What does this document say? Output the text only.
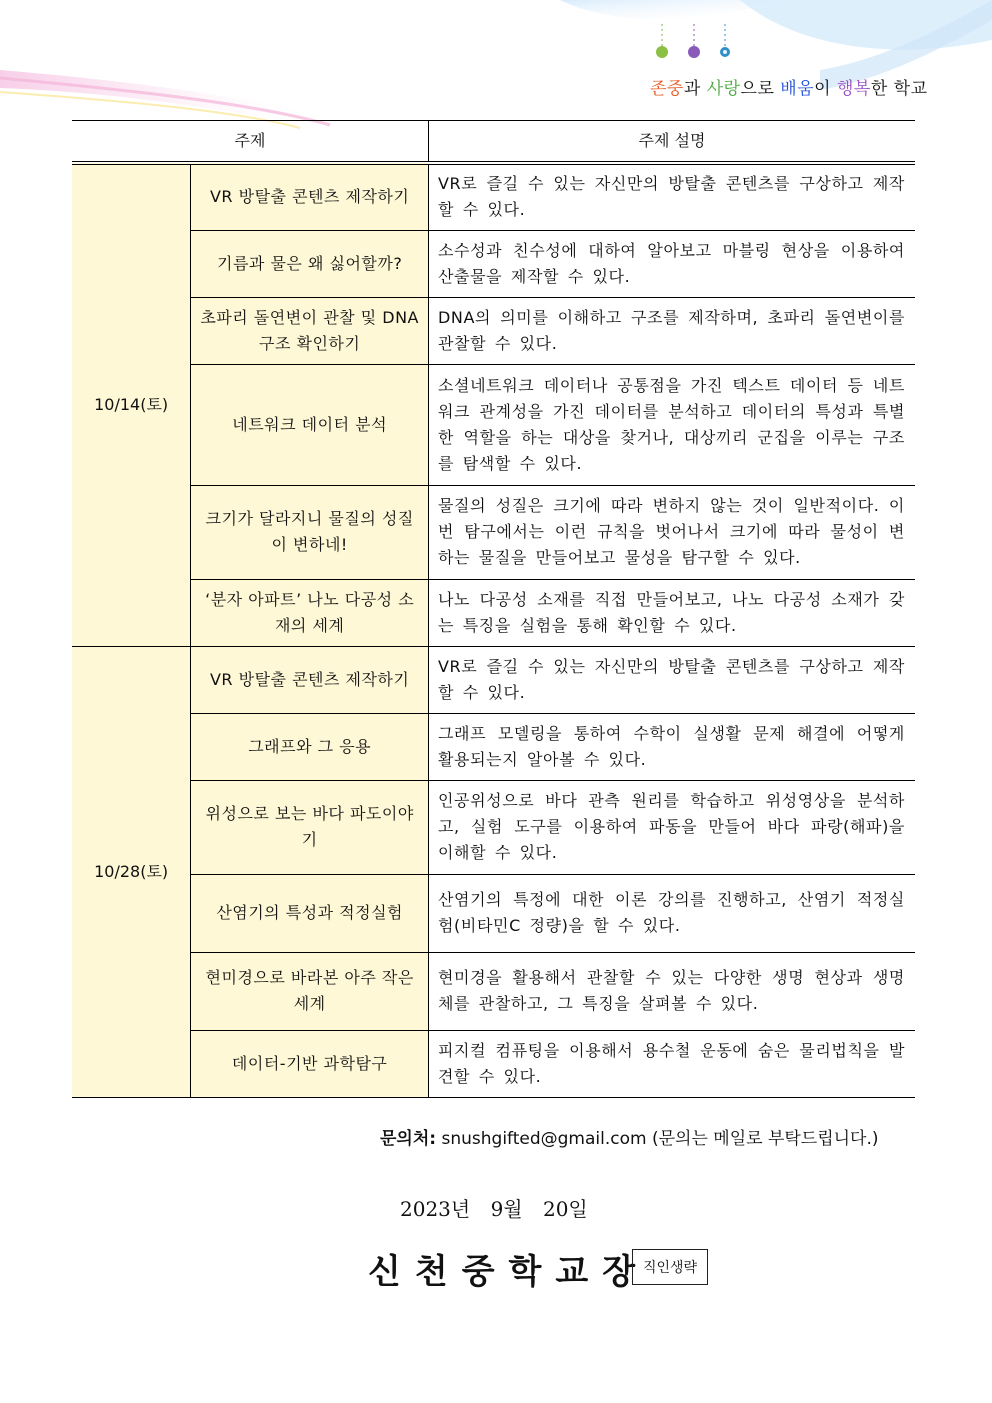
존중과 사랑으로 배움이 행복한 학교
주제		주제 설명
10/14(토)	VR 방탈출 콘텐츠 제작하기	VR로 즐길 수 있는 자신만의 방탈출 콘텐츠를 구상하고 제작할 수 있다.
	기름과 물은 왜 싫어할까?	소수성과 친수성에 대하여 알아보고 마블링 현상을 이용하여 산출물을 제작할 수 있다.
	초파리 돌연변이 관찰 및 DNA 구조 확인하기	DNA의 의미를 이해하고 구조를 제작하며, 초파리 돌연변이를 관찰할 수 있다.
	네트워크 데이터 분석	소셜네트워크 데이터나 공통점을 가진 텍스트 데이터 등 네트워크 관계성을 가진 데이터를 분석하고 데이터의 특성과 특별한 역할을 하는 대상을 찾거나, 대상끼리 군집을 이루는 구조를 탐색할 수 있다.
	크기가 달라지니 물질의 성질이 변하네!	물질의 성질은 크기에 따라 변하지 않는 것이 일반적이다. 이번 탐구에서는 이런 규칙을 벗어나서 크기에 따라 물성이 변하는 물질을 만들어보고 물성을 탐구할 수 있다.
	‘분자 아파트’ 나노 다공성 소재의 세계	나노 다공성 소재를 직접 만들어보고, 나노 다공성 소재가 갖는 특징을 실험을 통해 확인할 수 있다.
10/28(토)	VR 방탈출 콘텐츠 제작하기	VR로 즐길 수 있는 자신만의 방탈출 콘텐츠를 구상하고 제작할 수 있다.
	그래프와 그 응용	그래프 모델링을 통하여 수학이 실생활 문제 해결에 어떻게 활용되는지 알아볼 수 있다.
	위성으로 보는 바다 파도이야기	인공위성으로 바다 관측 원리를 학습하고 위성영상을 분석하고, 실험 도구를 이용하여 파동을 만들어 바다 파랑(해파)을 이해할 수 있다.
	산염기의 특성과 적정실험	산염기의 특정에 대한 이론 강의를 진행하고, 산염기 적정실험(비타민C 정량)을 할 수 있다.
	현미경으로 바라본 아주 작은 세계	현미경을 활용해서 관찰할 수 있는 다양한 생명 현상과 생명체를 관찰하고, 그 특징을 살펴볼 수 있다.
	데이터-기반 과학탐구	피지컬 컴퓨팅을 이용해서 용수철 운동에 숨은 물리법칙을 발견할 수 있다.
문의처: snushgifted@gmail.com (문의는 메일로 부탁드립니다.)
2023년 9월 20일
신천중학교장
직인생략
